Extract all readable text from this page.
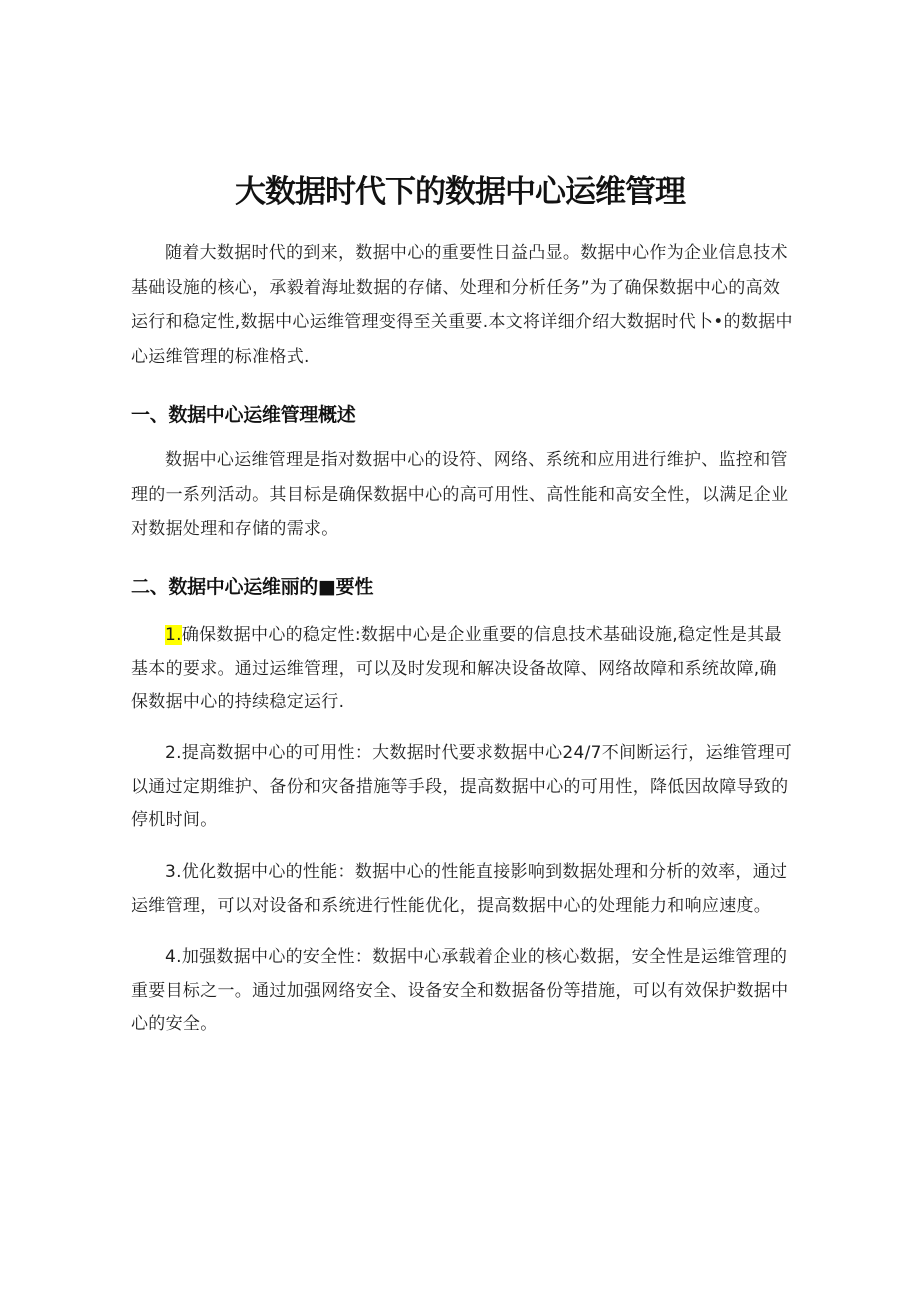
大数据时代下的数据中心运维管理

随着大数据时代的到来，数据中心的重要性日益凸显。数据中心作为企业信息技术基础设施的核心，承毅着海址数据的存储、处理和分析任务”为了确保数据中心的高效运行和稳定性,数据中心运维管理变得至关重要.本文将详细介绍大数据时代卜•的数据中心运维管理的标准格式.

一、数据中心运维管理概述

数据中心运维管理是指对数据中心的设符、网络、系统和应用进行维护、监控和管理的一系列活动。其目标是确保数据中心的高可用性、高性能和高安全性，以满足企业对数据处理和存储的需求。

二、数据中心运维丽的■要性

1.确保数据中心的稳定性:数据中心是企业重要的信息技术基础设施,稳定性是其最基本的要求。通过运维管理，可以及时发现和解决设备故障、网络故障和系统故障,确保数据中心的持续稳定运行.

2.提高数据中心的可用性：大数据时代要求数据中心24/7不间断运行，运维管理可以通过定期维护、备份和灾备措施等手段，提高数据中心的可用性，降低因故障导致的停机时间。

3.优化数据中心的性能：数据中心的性能直接影响到数据处理和分析的效率，通过运维管理，可以对设备和系统进行性能优化，提高数据中心的处理能力和响应速度。

4.加强数据中心的安全性：数据中心承载着企业的核心数据，安全性是运维管理的重要目标之一。通过加强网络安全、设备安全和数据备份等措施，可以有效保护数据中心的安全。
